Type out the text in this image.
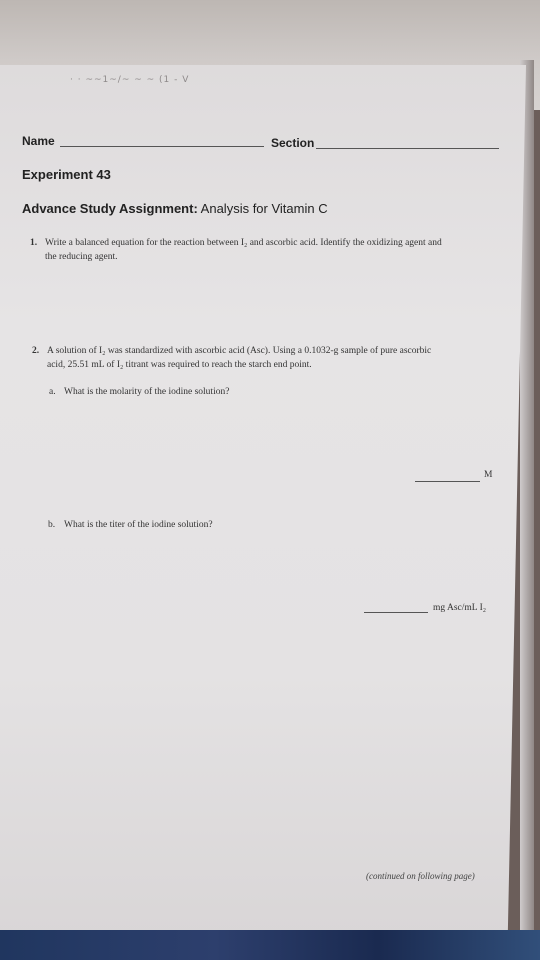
· · ~~1~/~ ~ ~ (1 - V
Name	Section
Experiment 43
Advance Study Assignment: Analysis for Vitamin C
1. Write a balanced equation for the reaction between I₂ and ascorbic acid. Identify the oxidizing agent and
the reducing agent.
2. A solution of I₂ was standardized with ascorbic acid (Asc). Using a 0.1032-g sample of pure ascorbic
acid, 25.51 mL of I₂ titrant was required to reach the starch end point.
a. What is the molarity of the iodine solution?
M
b. What is the titer of the iodine solution?
mg Asc/mL I₂
(continued on following page)
